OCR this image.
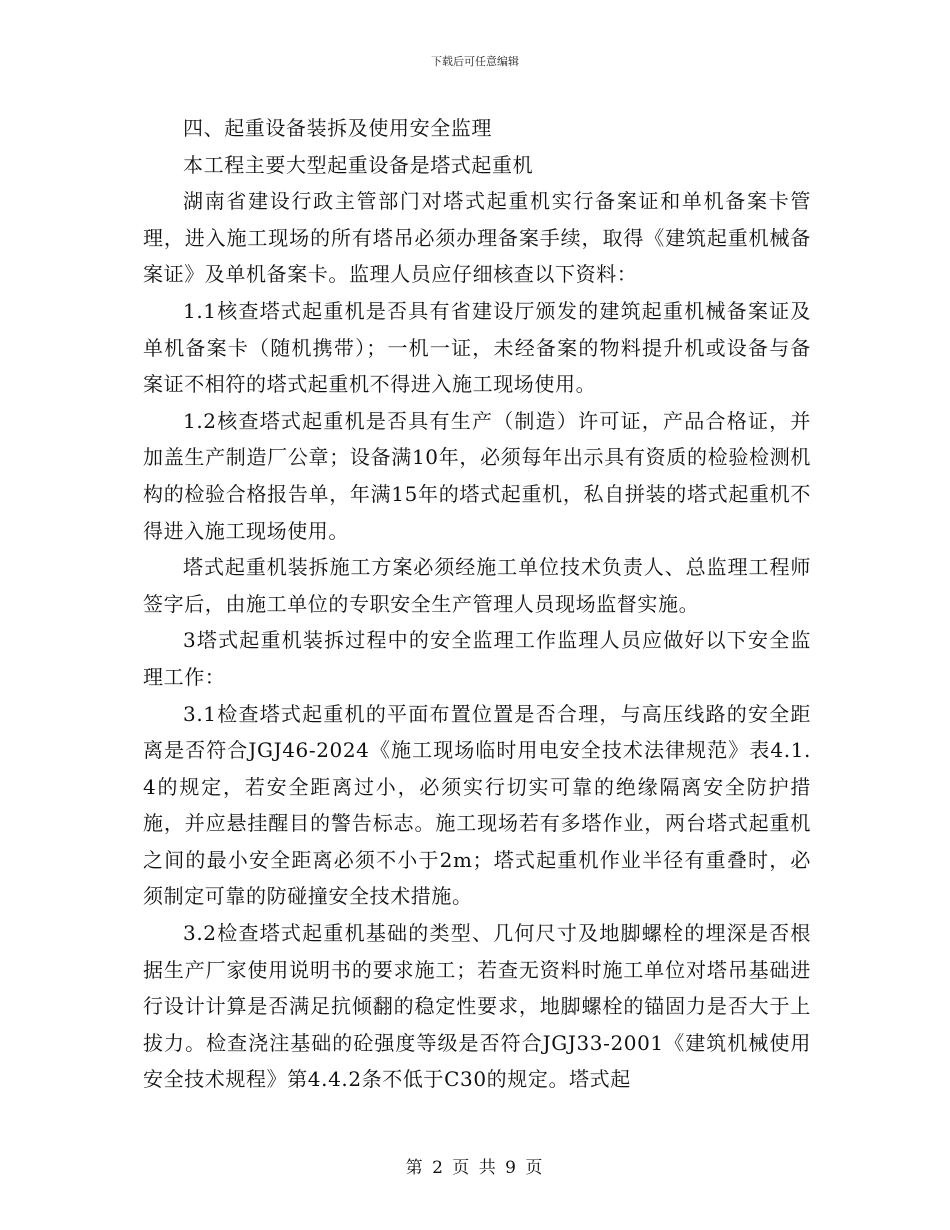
下载后可任意编辑

四、起重设备装拆及使用安全监理

本工程主要大型起重设备是塔式起重机

湖南省建设行政主管部门对塔式起重机实行备案证和单机备案卡管理，进入施工现场的所有塔吊必须办理备案手续，取得《建筑起重机械备案证》及单机备案卡。监理人员应仔细核查以下资料：

1.1核查塔式起重机是否具有省建设厅颁发的建筑起重机械备案证及单机备案卡（随机携带）；一机一证，未经备案的物料提升机或设备与备案证不相符的塔式起重机不得进入施工现场使用。

1.2核查塔式起重机是否具有生产（制造）许可证，产品合格证，并加盖生产制造厂公章；设备满10年，必须每年出示具有资质的检验检测机构的检验合格报告单，年满15年的塔式起重机，私自拼装的塔式起重机不得进入施工现场使用。

塔式起重机装拆施工方案必须经施工单位技术负责人、总监理工程师签字后，由施工单位的专职安全生产管理人员现场监督实施。

3塔式起重机装拆过程中的安全监理工作监理人员应做好以下安全监理工作：

3.1检查塔式起重机的平面布置位置是否合理，与高压线路的安全距离是否符合JGJ46-2024《施工现场临时用电安全技术法律规范》表4.1.4的规定，若安全距离过小，必须实行切实可靠的绝缘隔离安全防护措施，并应悬挂醒目的警告标志。施工现场若有多塔作业，两台塔式起重机之间的最小安全距离必须不小于2m；塔式起重机作业半径有重叠时，必须制定可靠的防碰撞安全技术措施。

3.2检查塔式起重机基础的类型、几何尺寸及地脚螺栓的埋深是否根据生产厂家使用说明书的要求施工；若查无资料时施工单位对塔吊基础进行设计计算是否满足抗倾翻的稳定性要求，地脚螺栓的锚固力是否大于上拔力。检查浇注基础的砼强度等级是否符合JGJ33-2001《建筑机械使用安全技术规程》第4.4.2条不低于C30的规定。塔式起

第 2 页 共 9 页
